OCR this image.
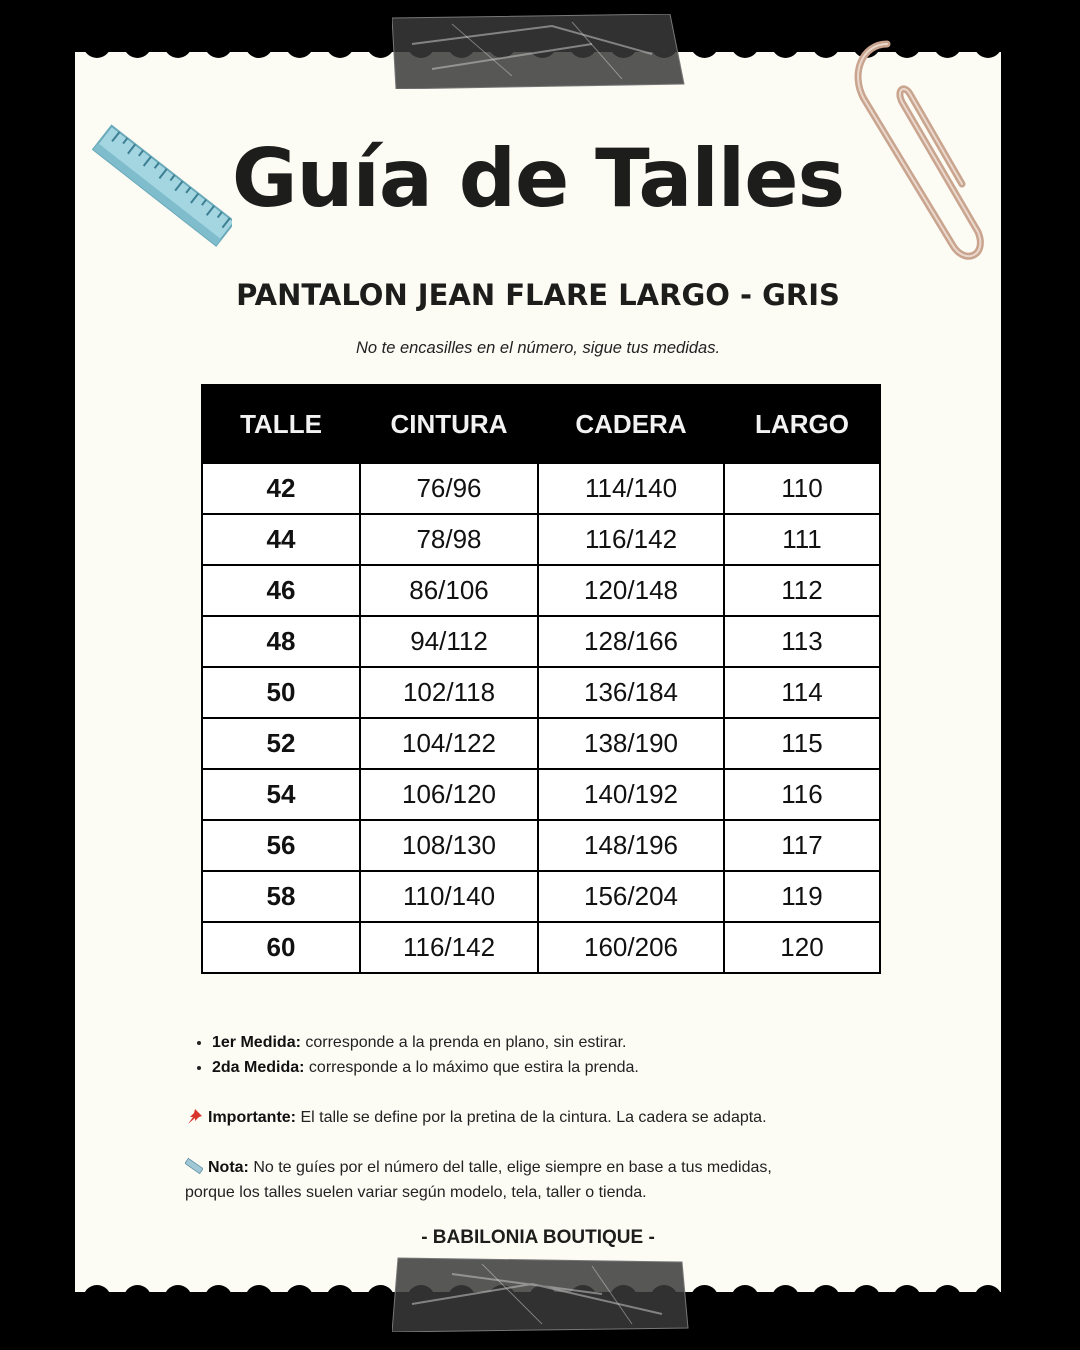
Guía de Talles
PANTALON JEAN FLARE LARGO - GRIS

No te encasilles en el número, sigue tus medidas.

TALLE	CINTURA	CADERA	LARGO
42	76/96	114/140	110
44	78/98	116/142	111
46	86/106	120/148	112
48	94/112	128/166	113
50	102/118	136/184	114
52	104/122	138/190	115
54	106/120	140/192	116
56	108/130	148/196	117
58	110/140	156/204	119
60	116/142	160/206	120
• 1er Medida: corresponde a la prenda en plano, sin estirar.
• 2da Medida: corresponde a lo máximo que estira la prenda.

Importante: El talle se define por la pretina de la cintura. La cadera se adapta.

Nota: No te guíes por el número del talle, elige siempre en base a tus medidas,
porque los talles suelen variar según modelo, tela, taller o tienda.

- BABILONIA BOUTIQUE -
